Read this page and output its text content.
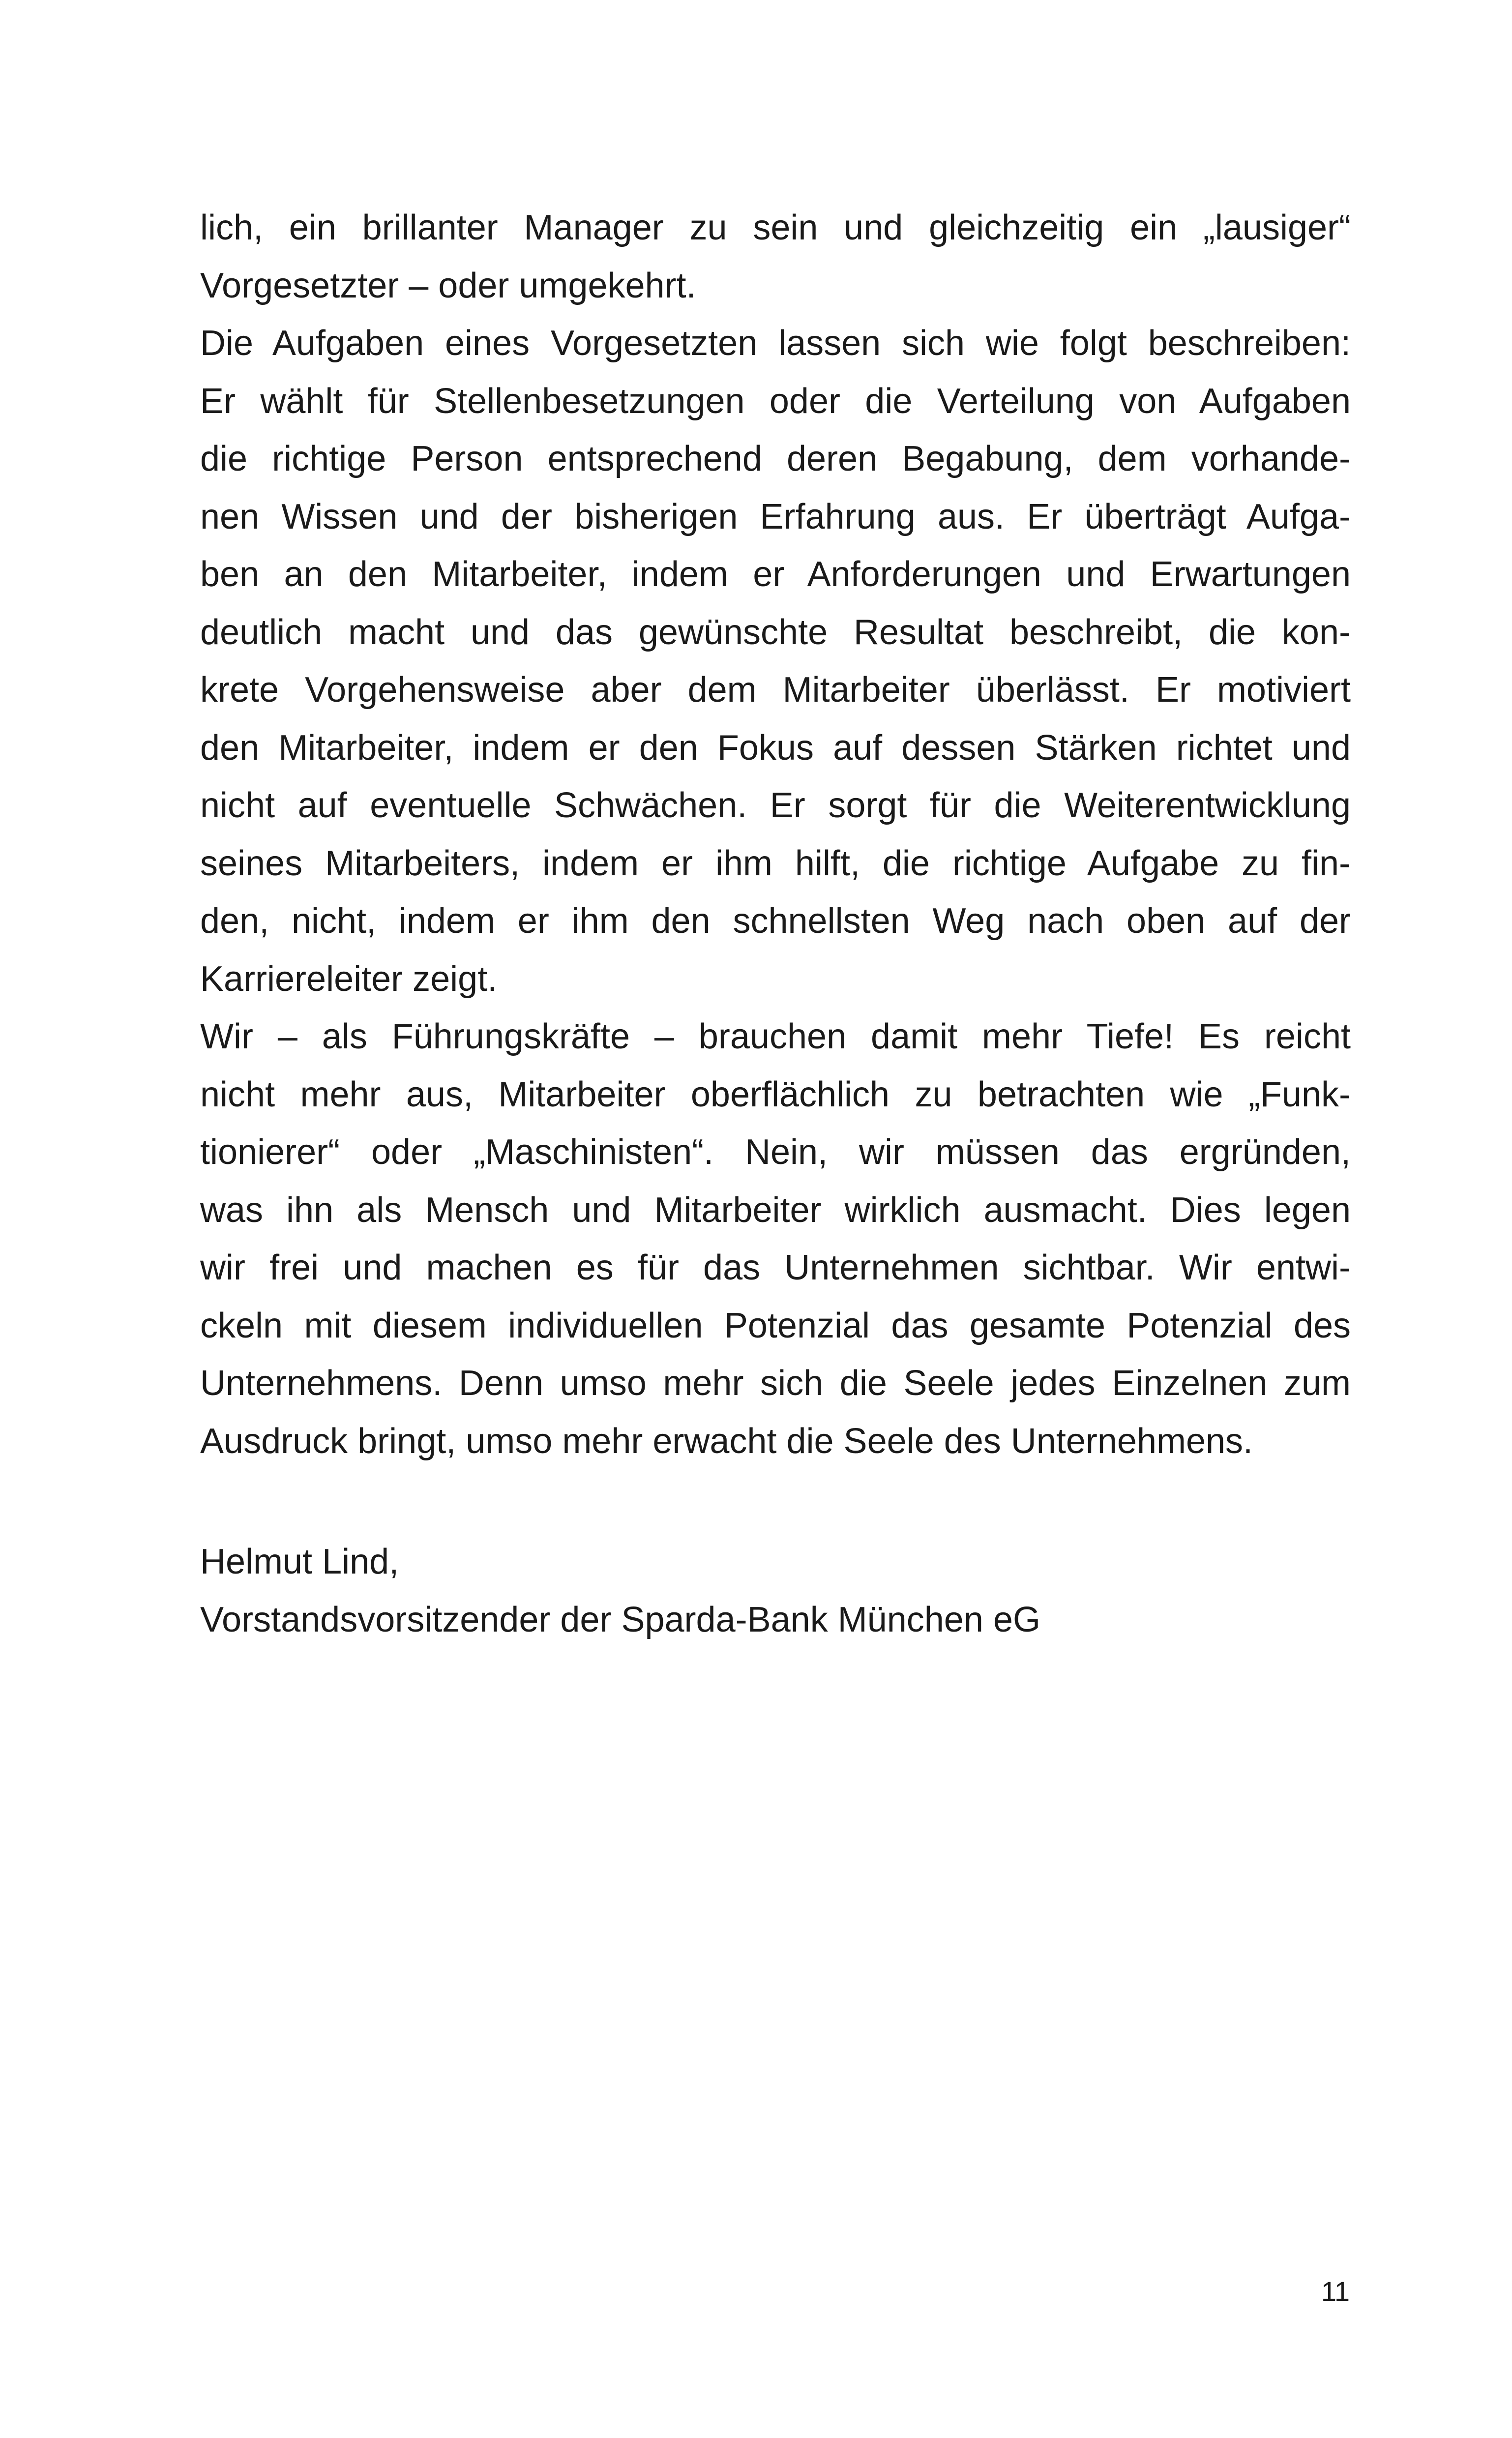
lich, ein brillanter Manager zu sein und gleichzeitig ein „lausiger“
Vorgesetzter – oder umgekehrt.
Die Aufgaben eines Vorgesetzten lassen sich wie folgt beschreiben:
Er wählt für Stellenbesetzungen oder die Verteilung von Aufgaben
die richtige Person entsprechend deren Begabung, dem vorhande-
nen Wissen und der bisherigen Erfahrung aus. Er überträgt Aufga-
ben an den Mitarbeiter, indem er Anforderungen und Erwartungen
deutlich macht und das gewünschte Resultat beschreibt, die kon-
krete Vorgehensweise aber dem Mitarbeiter überlässt. Er motiviert
den Mitarbeiter, indem er den Fokus auf dessen Stärken richtet und
nicht auf eventuelle Schwächen. Er sorgt für die Weiterentwicklung
seines Mitarbeiters, indem er ihm hilft, die richtige Aufgabe zu fin-
den, nicht, indem er ihm den schnellsten Weg nach oben auf der
Karriereleiter zeigt.
Wir – als Führungskräfte – brauchen damit mehr Tiefe! Es reicht
nicht mehr aus, Mitarbeiter oberflächlich zu betrachten wie „Funk-
tionierer“ oder „Maschinisten“. Nein, wir müssen das ergründen,
was ihn als Mensch und Mitarbeiter wirklich ausmacht. Dies legen
wir frei und machen es für das Unternehmen sichtbar. Wir entwi-
ckeln mit diesem individuellen Potenzial das gesamte Potenzial des
Unternehmens. Denn umso mehr sich die Seele jedes Einzelnen zum
Ausdruck bringt, umso mehr erwacht die Seele des Unternehmens.
Helmut Lind,
Vorstandsvorsitzender der Sparda-Bank München eG
11
